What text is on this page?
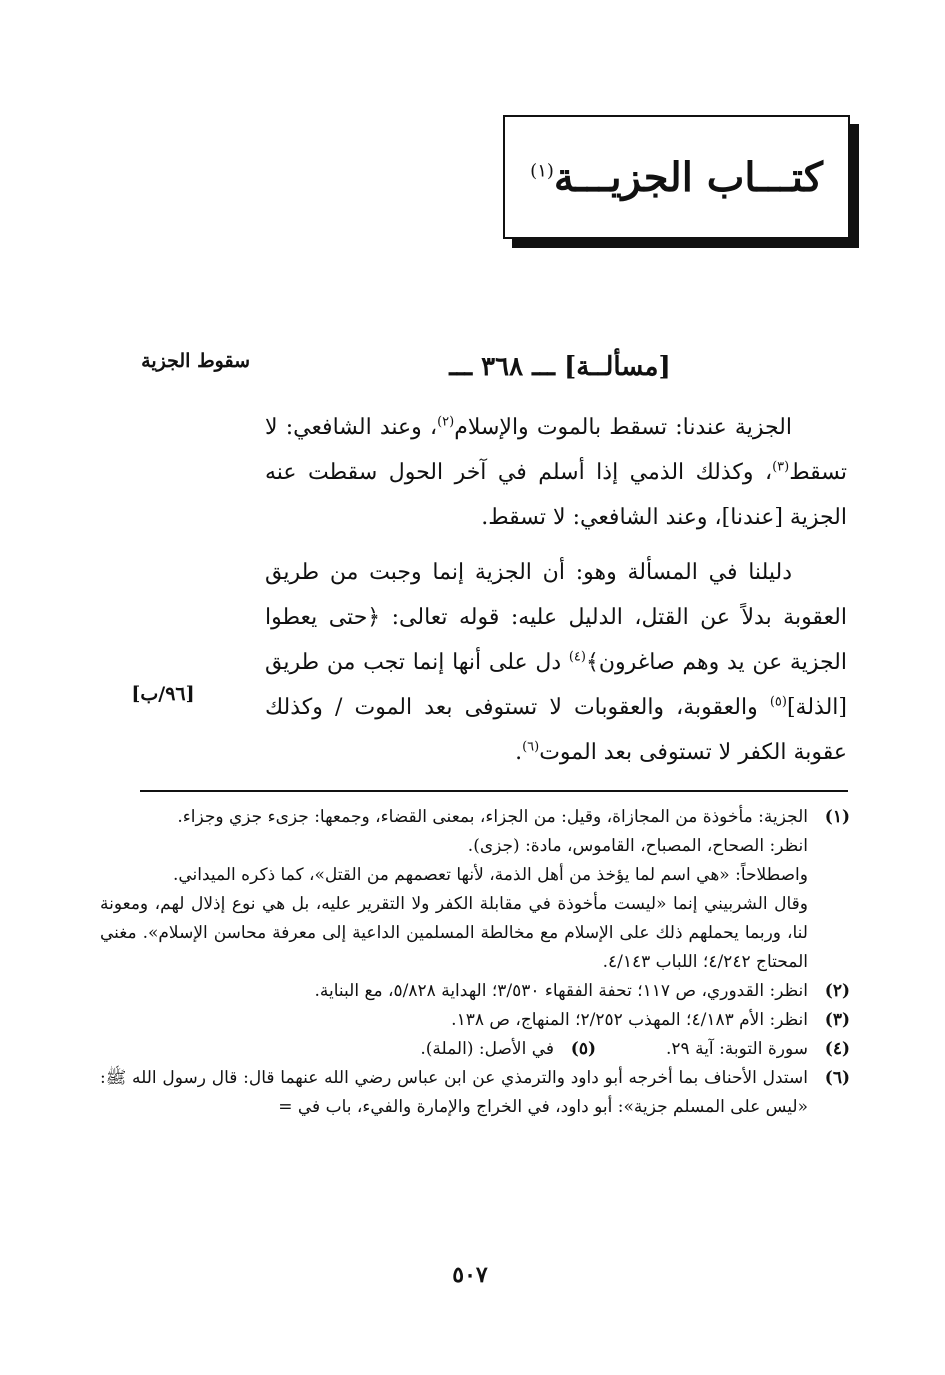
كتـــاب الجزيـــة$^{(١)}$
[مسألــة] ـــ ٣٦٨ ـــ
سقوط الجزية
[٩٦/ب]

الجزية عندنا: تسقط بالموت والإسلام$^{(٢)}$، وعند الشافعي: لا تسقط$^{(٣)}$، وكذلك الذمي إذا أسلم في آخر الحول سقطت عنه الجزية [عندنا]، وعند الشافعي: لا تسقط.

دليلنا في المسألة وهو: أن الجزية إنما وجبت من طريق العقوبة بدلاً عن القتل، الدليل عليه: قوله تعالى: ﴿حتى يعطوا الجزية عن يد وهم صاغرون﴾$^{(٤)}$ دل على أنها إنما تجب من طريق [الذلة]$^{(٥)}$ والعقوبة، والعقوبات لا تستوفى بعد الموت / وكذلك عقوبة الكفر لا تستوفى بعد الموت$^{(٦)}$.

(١)
الجزية: مأخوذة من المجازاة، وقيل: من الجزاء، بمعنى القضاء، وجمعها: جزىء جزي وجزاء.
انظر: الصحاح، المصباح، القاموس، مادة: (جزى).
واصطلاحاً: «هي اسم لما يؤخذ من أهل الذمة، لأنها تعصمهم من القتل»، كما ذكره الميداني.
وقال الشربيني إنما «ليست مأخوذة في مقابلة الكفر ولا التقرير عليه، بل هي نوع إذلال لهم، ومعونة لنا، وربما يحملهم ذلك على الإسلام مع مخالطة المسلمين الداعية إلى معرفة محاسن الإسلام». مغني المحتاج ٤/٢٤٢؛ اللباب ٤/١٤٣.
(٢)
انظر: القدوري، ص ١١٧؛ تحفة الفقهاء ٣/٥٣٠؛ الهداية ٥/٨٢٨، مع البناية.
(٣)
انظر: الأم ٤/١٨٣؛ المهذب ٢/٢٥٢؛ المنهاج، ص ١٣٨.
(٤)
سورة التوبة: آية ٢٩.
(٥)
في الأصل: (الملة).
(٦)
استدل الأحناف بما أخرجه أبو داود والترمذي عن ابن عباس رضي الله عنهما قال: قال رسول الله ﷺ: «ليس على المسلم جزية»: أبو داود، في الخراج والإمارة والفيء، باب في =
٥٠٧
